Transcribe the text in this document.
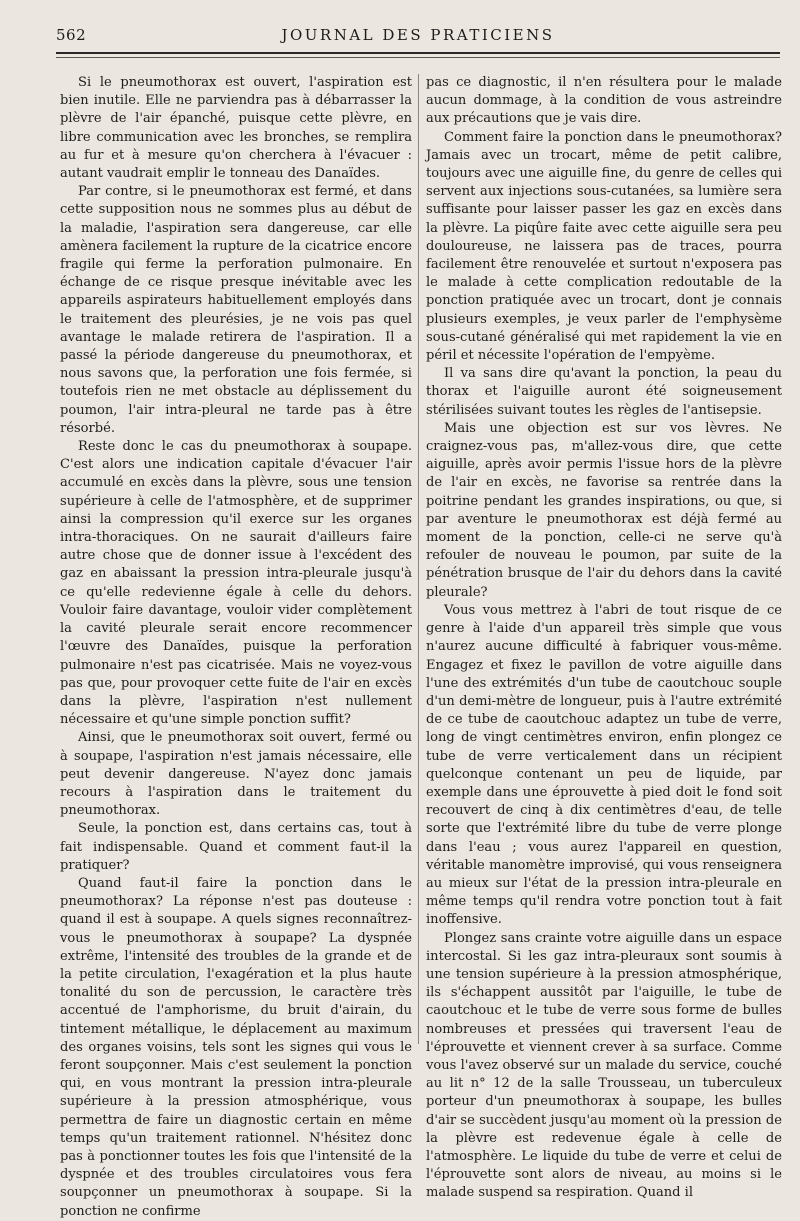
562	JOURNAL DES PRATICIENS

Si le pneumothorax est ouvert, l'aspiration est bien inutile. Elle ne parviendra pas à débarrasser la plèvre de l'air épanché, puisque cette plèvre, en libre communication avec les bronches, se remplira au fur et à mesure qu'on cherchera à l'évacuer : autant vaudrait emplir le tonneau des Danaïdes.

Par contre, si le pneumothorax est fermé, et dans cette supposition nous ne sommes plus au début de la maladie, l'aspiration sera dangereuse, car elle amènera facilement la rupture de la cicatrice encore fragile qui ferme la perforation pulmonaire. En échange de ce risque presque inévitable avec les appareils aspirateurs habituellement employés dans le traitement des pleurésies, je ne vois pas quel avantage le malade retirera de l'aspiration. Il a passé la période dangereuse du pneumothorax, et nous savons que, la perforation une fois fermée, si toutefois rien ne met obstacle au déplissement du poumon, l'air intra-pleural ne tarde pas à être résorbé.

Reste donc le cas du pneumothorax à soupape. C'est alors une indication capitale d'évacuer l'air accumulé en excès dans la plèvre, sous une tension supérieure à celle de l'atmosphère, et de supprimer ainsi la compression qu'il exerce sur les organes intra-thoraciques. On ne saurait d'ailleurs faire autre chose que de donner issue à l'excédent des gaz en abaissant la pression intra-pleurale jusqu'à ce qu'elle redevienne égale à celle du dehors. Vouloir faire davantage, vouloir vider complètement la cavité pleurale serait encore recommencer l'œuvre des Danaïdes, puisque la perforation pulmonaire n'est pas cicatrisée. Mais ne voyez-vous pas que, pour provoquer cette fuite de l'air en excès dans la plèvre, l'aspiration n'est nullement nécessaire et qu'une simple ponction suffit?

Ainsi, que le pneumothorax soit ouvert, fermé ou à soupape, l'aspiration n'est jamais nécessaire, elle peut devenir dangereuse. N'ayez donc jamais recours à l'aspiration dans le traitement du pneumothorax.

Seule, la ponction est, dans certains cas, tout à fait indispensable. Quand et comment faut-il la pratiquer?

Quand faut-il faire la ponction dans le pneumothorax? La réponse n'est pas douteuse : quand il est à soupape. A quels signes reconnaîtrez-vous le pneumothorax à soupape? La dyspnée extrême, l'intensité des troubles de la grande et de la petite circulation, l'exagération et la plus haute tonalité du son de percussion, le caractère très accentué de l'amphorisme, du bruit d'airain, du tintement métallique, le déplacement au maximum des organes voisins, tels sont les signes qui vous le feront soupçonner. Mais c'est seulement la ponction qui, en vous montrant la pression intra-pleurale supérieure à la pression atmosphérique, vous permettra de faire un diagnostic certain en même temps qu'un traitement rationnel. N'hésitez donc pas à ponctionner toutes les fois que l'intensité de la dyspnée et des troubles circulatoires vous fera soupçonner un pneumothorax à soupape. Si la ponction ne confirme

pas ce diagnostic, il n'en résultera pour le malade aucun dommage, à la condition de vous astreindre aux précautions que je vais dire.

Comment faire la ponction dans le pneumothorax? Jamais avec un trocart, même de petit calibre, toujours avec une aiguille fine, du genre de celles qui servent aux injections sous-cutanées, sa lumière sera suffisante pour laisser passer les gaz en excès dans la plèvre. La piqûre faite avec cette aiguille sera peu douloureuse, ne laissera pas de traces, pourra facilement être renouvelée et surtout n'exposera pas le malade à cette complication redoutable de la ponction pratiquée avec un trocart, dont je connais plusieurs exemples, je veux parler de l'emphysème sous-cutané généralisé qui met rapidement la vie en péril et nécessite l'opération de l'empyème.

Il va sans dire qu'avant la ponction, la peau du thorax et l'aiguille auront été soigneusement stérilisées suivant toutes les règles de l'antisepsie.

Mais une objection est sur vos lèvres. Ne craignez-vous pas, m'allez-vous dire, que cette aiguille, après avoir permis l'issue hors de la plèvre de l'air en excès, ne favorise sa rentrée dans la poitrine pendant les grandes inspirations, ou que, si par aventure le pneumothorax est déjà fermé au moment de la ponction, celle-ci ne serve qu'à refouler de nouveau le poumon, par suite de la pénétration brusque de l'air du dehors dans la cavité pleurale?

Vous vous mettrez à l'abri de tout risque de ce genre à l'aide d'un appareil très simple que vous n'aurez aucune difficulté à fabriquer vous-même. Engagez et fixez le pavillon de votre aiguille dans l'une des extrémités d'un tube de caoutchouc souple d'un demi-mètre de longueur, puis à l'autre extrémité de ce tube de caoutchouc adaptez un tube de verre, long de vingt centimètres environ, enfin plongez ce tube de verre verticalement dans un récipient quelconque contenant un peu de liquide, par exemple dans une éprouvette à pied doit le fond soit recouvert de cinq à dix centimètres d'eau, de telle sorte que l'extrémité libre du tube de verre plonge dans l'eau ; vous aurez l'appareil en question, véritable manomètre improvisé, qui vous renseignera au mieux sur l'état de la pression intra-pleurale en même temps qu'il rendra votre ponction tout à fait inoffensive.

Plongez sans crainte votre aiguille dans un espace intercostal. Si les gaz intra-pleuraux sont soumis à une tension supérieure à la pression atmosphérique, ils s'échappent aussitôt par l'aiguille, le tube de caoutchouc et le tube de verre sous forme de bulles nombreuses et pressées qui traversent l'eau de l'éprouvette et viennent crever à sa surface. Comme vous l'avez observé sur un malade du service, couché au lit n° 12 de la salle Trousseau, un tuberculeux porteur d'un pneumothorax à soupape, les bulles d'air se succèdent jusqu'au moment où la pression de la plèvre est redevenue égale à celle de l'atmosphère. Le liquide du tube de verre et celui de l'éprouvette sont alors de niveau, au moins si le malade suspend sa respiration. Quand il
